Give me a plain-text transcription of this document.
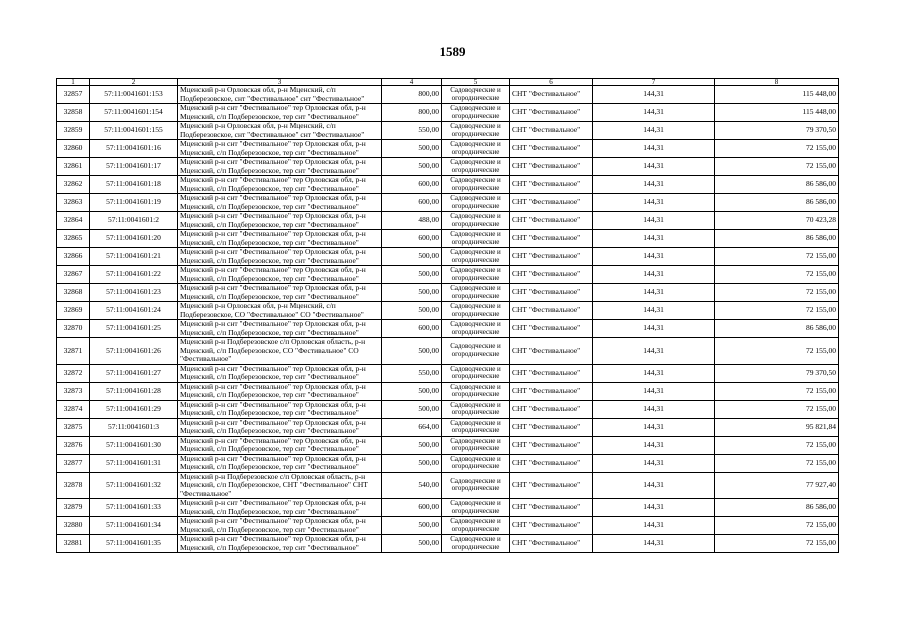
1589
1	2	3	4	5	6	7	8
32857	57:11:0041601:153	Мценский р-н Орловская обл, р-н Мценский, с/п Подберезовское, снт "Фестивальное" снт "Фестивальное"	800,00	Садоводческие и огороднические	СНТ "Фестивальное"	144,31	115 448,00
32858	57:11:0041601:154	Мценский р-н снт "Фестивальное" тер Орловская обл, р-н Мценский, с/п Подберезовское, тер снт "Фестивальное"	800,00	Садоводческие и огороднические	СНТ "Фестивальное"	144,31	115 448,00
32859	57:11:0041601:155	Мценский р-н Орловская обл, р-н Мценский, с/п Подберезовское, снт "Фестивальное" снт "Фестивальное"	550,00	Садоводческие и огороднические	СНТ "Фестивальное"	144,31	79 370,50
32860	57:11:0041601:16	Мценский р-н снт "Фестивальное" тер Орловская обл, р-н Мценский, с/п Подберезовское, тер снт "Фестивальное"	500,00	Садоводческие и огороднические	СНТ "Фестивальное"	144,31	72 155,00
32861	57:11:0041601:17	Мценский р-н снт "Фестивальное" тер Орловская обл, р-н Мценский, с/п Подберезовское, тер снт "Фестивальное"	500,00	Садоводческие и огороднические	СНТ "Фестивальное"	144,31	72 155,00
32862	57:11:0041601:18	Мценский р-н снт "Фестивальное" тер Орловская обл, р-н Мценский, с/п Подберезовское, тер снт "Фестивальное"	600,00	Садоводческие и огороднические	СНТ "Фестивальное"	144,31	86 586,00
32863	57:11:0041601:19	Мценский р-н снт "Фестивальное" тер Орловская обл, р-н Мценский, с/п Подберезовское, тер снт "Фестивальное"	600,00	Садоводческие и огороднические	СНТ "Фестивальное"	144,31	86 586,00
32864	57:11:0041601:2	Мценский р-н снт "Фестивальное" тер Орловская обл, р-н Мценский, с/п Подберезовское, тер снт "Фестивальное"	488,00	Садоводческие и огороднические	СНТ "Фестивальное"	144,31	70 423,28
32865	57:11:0041601:20	Мценский р-н снт "Фестивальное" тер Орловская обл, р-н Мценский, с/п Подберезовское, тер снт "Фестивальное"	600,00	Садоводческие и огороднические	СНТ "Фестивальное"	144,31	86 586,00
32866	57:11:0041601:21	Мценский р-н снт "Фестивальное" тер Орловская обл, р-н Мценский, с/п Подберезовское, тер снт "Фестивальное"	500,00	Садоводческие и огороднические	СНТ "Фестивальное"	144,31	72 155,00
32867	57:11:0041601:22	Мценский р-н снт "Фестивальное" тер Орловская обл, р-н Мценский, с/п Подберезовское, тер снт "Фестивальное"	500,00	Садоводческие и огороднические	СНТ "Фестивальное"	144,31	72 155,00
32868	57:11:0041601:23	Мценский р-н снт "Фестивальное" тер Орловская обл, р-н Мценский, с/п Подберезовское, тер снт "Фестивальное"	500,00	Садоводческие и огороднические	СНТ "Фестивальное"	144,31	72 155,00
32869	57:11:0041601:24	Мценский р-н Орловская обл, р-н Мценский, с/п Подберезовское, СО "Фестивальное" СО "Фестивальное"	500,00	Садоводческие и огороднические	СНТ "Фестивальное"	144,31	72 155,00
32870	57:11:0041601:25	Мценский р-н снт "Фестивальное" тер Орловская обл, р-н Мценский, с/п Подберезовское, тер снт "Фестивальное"	600,00	Садоводческие и огороднические	СНТ "Фестивальное"	144,31	86 586,00
32871	57:11:0041601:26	Мценский р-н Подберезовское с/п Орловская область, р-н Мценский, с/п Подберезовское, СО "Фестивальное" СО "Фестивальное"	500,00	Садоводческие и огороднические	СНТ "Фестивальное"	144,31	72 155,00
32872	57:11:0041601:27	Мценский р-н снт "Фестивальное" тер Орловская обл, р-н Мценский, с/п Подберезовское, тер снт "Фестивальное"	550,00	Садоводческие и огороднические	СНТ "Фестивальное"	144,31	79 370,50
32873	57:11:0041601:28	Мценский р-н снт "Фестивальное" тер Орловская обл, р-н Мценский, с/п Подберезовское, тер снт "Фестивальное"	500,00	Садоводческие и огороднические	СНТ "Фестивальное"	144,31	72 155,00
32874	57:11:0041601:29	Мценский р-н снт "Фестивальное" тер Орловская обл, р-н Мценский, с/п Подберезовское, тер снт "Фестивальное"	500,00	Садоводческие и огороднические	СНТ "Фестивальное"	144,31	72 155,00
32875	57:11:0041601:3	Мценский р-н снт "Фестивальное" тер Орловская обл, р-н Мценский, с/п Подберезовское, тер снт "Фестивальное"	664,00	Садоводческие и огороднические	СНТ "Фестивальное"	144,31	95 821,84
32876	57:11:0041601:30	Мценский р-н снт "Фестивальное" тер Орловская обл, р-н Мценский, с/п Подберезовское, тер снт "Фестивальное"	500,00	Садоводческие и огороднические	СНТ "Фестивальное"	144,31	72 155,00
32877	57:11:0041601:31	Мценский р-н снт "Фестивальное" тер Орловская обл, р-н Мценский, с/п Подберезовское, тер снт "Фестивальное"	500,00	Садоводческие и огороднические	СНТ "Фестивальное"	144,31	72 155,00
32878	57:11:0041601:32	Мценский р-н Подберезовское с/п Орловская область, р-н Мценский, с/п Подберезовское, СНТ "Фестивальное" СНТ "Фестивальное"	540,00	Садоводческие и огороднические	СНТ "Фестивальное"	144,31	77 927,40
32879	57:11:0041601:33	Мценский р-н снт "Фестивальное" тер Орловская обл, р-н Мценский, с/п Подберезовское, тер снт "Фестивальное"	600,00	Садоводческие и огороднические	СНТ "Фестивальное"	144,31	86 586,00
32880	57:11:0041601:34	Мценский р-н снт "Фестивальное" тер Орловская обл, р-н Мценский, с/п Подберезовское, тер снт "Фестивальное"	500,00	Садоводческие и огороднические	СНТ "Фестивальное"	144,31	72 155,00
32881	57:11:0041601:35	Мценский р-н снт "Фестивальное" тер Орловская обл, р-н Мценский, с/п Подберезовское, тер снт "Фестивальное"	500,00	Садоводческие и огороднические	СНТ "Фестивальное"	144,31	72 155,00
